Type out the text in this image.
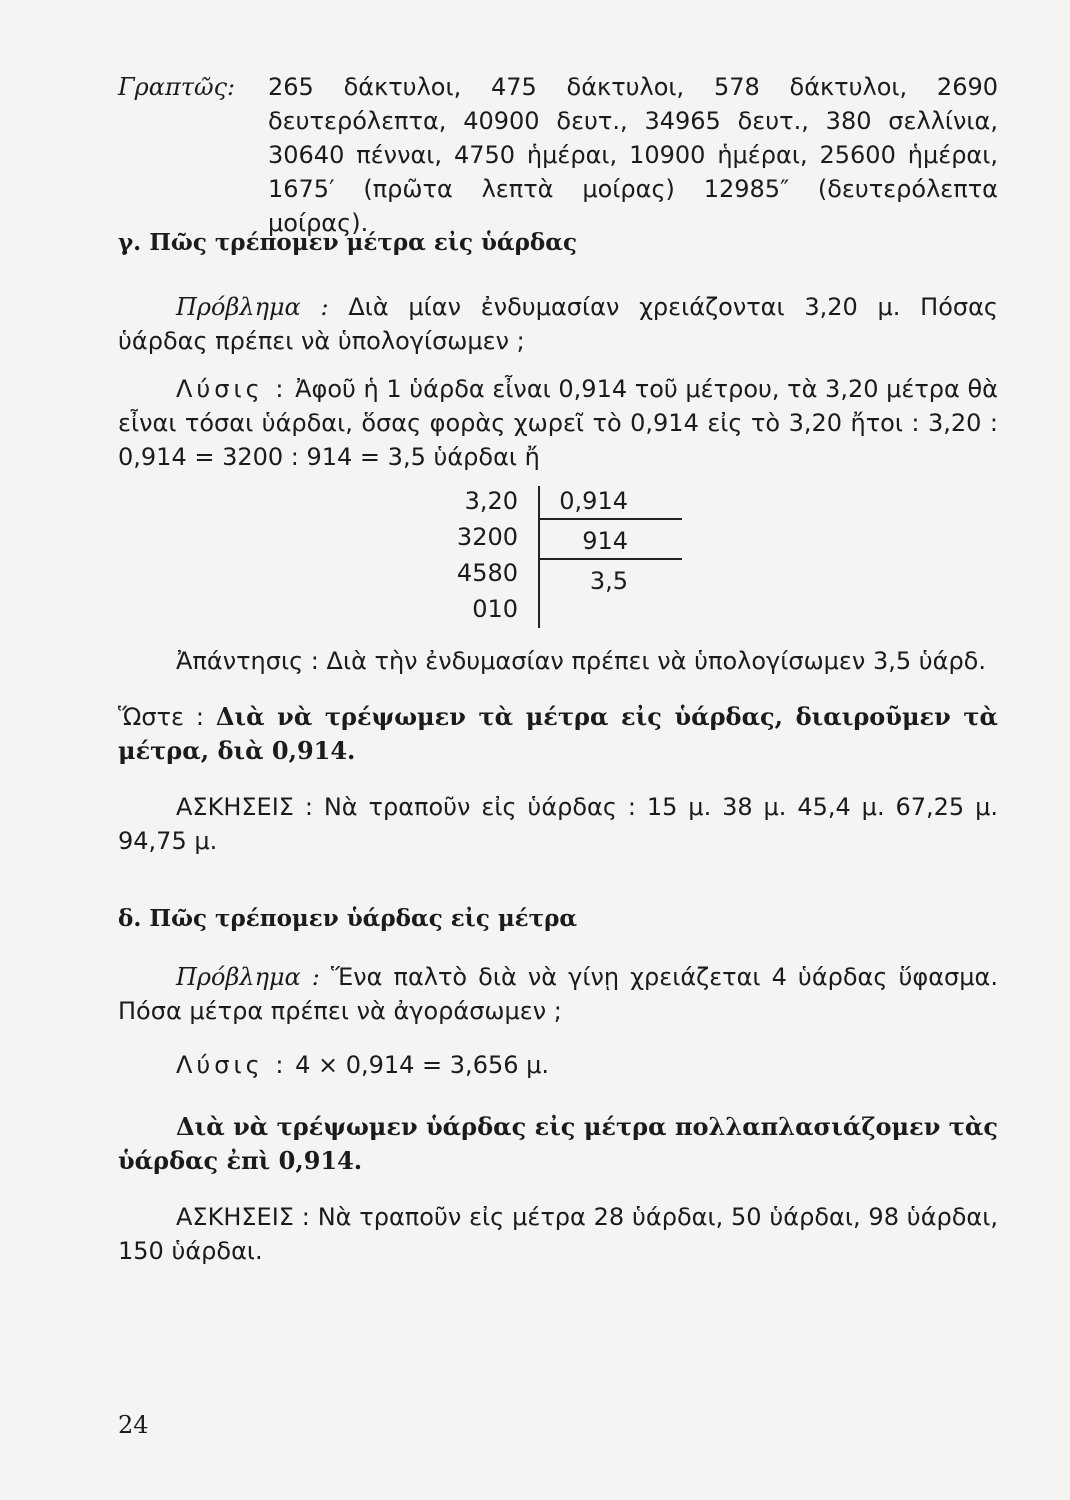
Γραπτῶς:	265 δάκτυλοι, 475 δάκτυλοι, 578 δάκτυλοι, 2690 δευτερόλεπτα, 40900 δευτ., 34965 δευτ., 380 σελλίνια, 30640 πένναι, 4750 ἡμέραι, 10900 ἡμέραι, 25600 ἡμέραι, 1675′ (πρῶτα λεπτὰ μοίρας) 12985″ (δευτερόλεπτα μοίρας).

γ. Πῶς τρέπομεν μέτρα εἰς ὑάρδας

Πρόβλημα : Διὰ μίαν ἐνδυμασίαν χρειάζονται 3,20 μ. Πόσας ὑάρδας πρέπει νὰ ὑπολογίσωμεν ;

Λύσις : Ἀφοῦ ἡ 1 ὑάρδα εἶναι 0,914 τοῦ μέτρου, τὰ 3,20 μέτρα θὰ εἶναι τόσαι ὑάρδαι, ὅσας φορὰς χωρεῖ τὸ 0,914 εἰς τὸ 3,20 ἤτοι : 3,20 : 0,914 = 3200 : 914 = 3,5 ὑάρδαι ἤ

3,20
3200
4580
010
0,914
914
3,5

Ἀπάντησις : Διὰ τὴν ἐνδυμασίαν πρέπει νὰ ὑπολογίσωμεν 3,5 ὑάρδ.

Ὥστε : Διὰ νὰ τρέψωμεν τὰ μέτρα εἰς ὑάρδας, διαιροῦμεν τὰ μέτρα, διὰ 0,914.

ΑΣΚΗΣΕΙΣ : Νὰ τραποῦν εἰς ὑάρδας : 15 μ. 38 μ. 45,4 μ. 67,25 μ. 94,75 μ.

δ. Πῶς τρέπομεν ὑάρδας εἰς μέτρα

Πρόβλημα : Ἕνα παλτὸ διὰ νὰ γίνῃ χρειάζεται 4 ὑάρδας ὕφασμα. Πόσα μέτρα πρέπει νὰ ἀγοράσωμεν ;

Λύσις : 4 × 0,914 = 3,656 μ.

Διὰ νὰ τρέψωμεν ὑάρδας εἰς μέτρα πολλαπλασιάζομεν τὰς ὑάρδας ἐπὶ 0,914.

ΑΣΚΗΣΕΙΣ : Νὰ τραποῦν εἰς μέτρα 28 ὑάρδαι, 50 ὑάρδαι, 98 ὑάρδαι, 150 ὑάρδαι.

24
